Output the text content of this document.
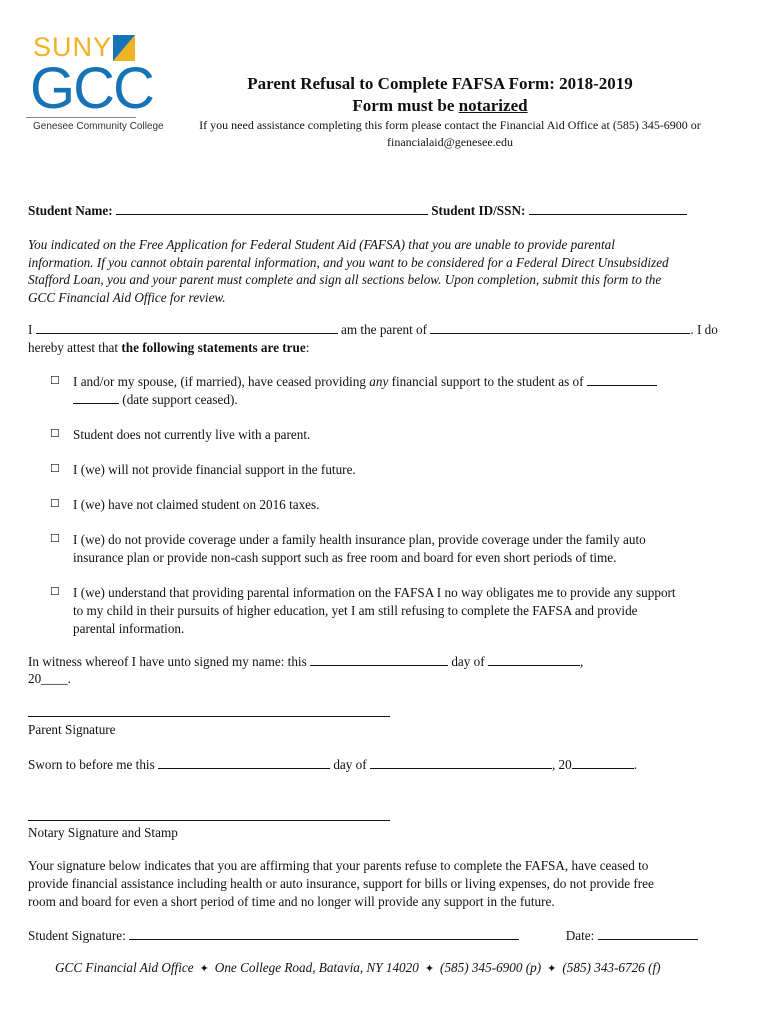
SUNY
GCC
Genesee Community College
Parent Refusal to Complete FAFSA Form: 2018-2019
Form must be notarized
If you need assistance completing this form please contact the Financial Aid Office at (585) 345-6900 or
financialaid@genesee.edu
Student Name:	Student ID/SSN:
You indicated on the Free Application for Federal Student Aid (FAFSA) that you are unable to provide parental
information. If you cannot obtain parental information, and you want to be considered for a Federal Direct Unsubsidized
Stafford Loan, you and your parent must complete and sign all sections below. Upon completion, submit this form to the
GCC Financial Aid Office for review.
I	am the parent of	. I do
hereby attest that the following statements are true:
☐ I and/or my spouse, (if married), have ceased providing any financial support to the student as of
(date support ceased).
☐ Student does not currently live with a parent.
☐ I (we) will not provide financial support in the future.
☐ I (we) have not claimed student on 2016 taxes.
☐ I (we) do not provide coverage under a family health insurance plan, provide coverage under the family auto
insurance plan or provide non-cash support such as free room and board for even short periods of time.
☐ I (we) understand that providing parental information on the FAFSA I no way obligates me to provide any support
to my child in their pursuits of higher education, yet I am still refusing to complete the FAFSA and provide
parental information.
In witness whereof I have unto signed my name: this	day of	,
20____.
Parent Signature
Sworn to before me this	day of	, 20	.
Notary Signature and Stamp
Your signature below indicates that you are affirming that your parents refuse to complete the FAFSA, have ceased to
provide financial assistance including health or auto insurance, support for bills or living expenses, do not provide free
room and board for even a short period of time and no longer will provide any support in the future.
Student Signature:	Date:
GCC Financial Aid Office ✦ One College Road, Batavia, NY 14020 ✦ (585) 345-6900 (p) ✦ (585) 343-6726 (f)
